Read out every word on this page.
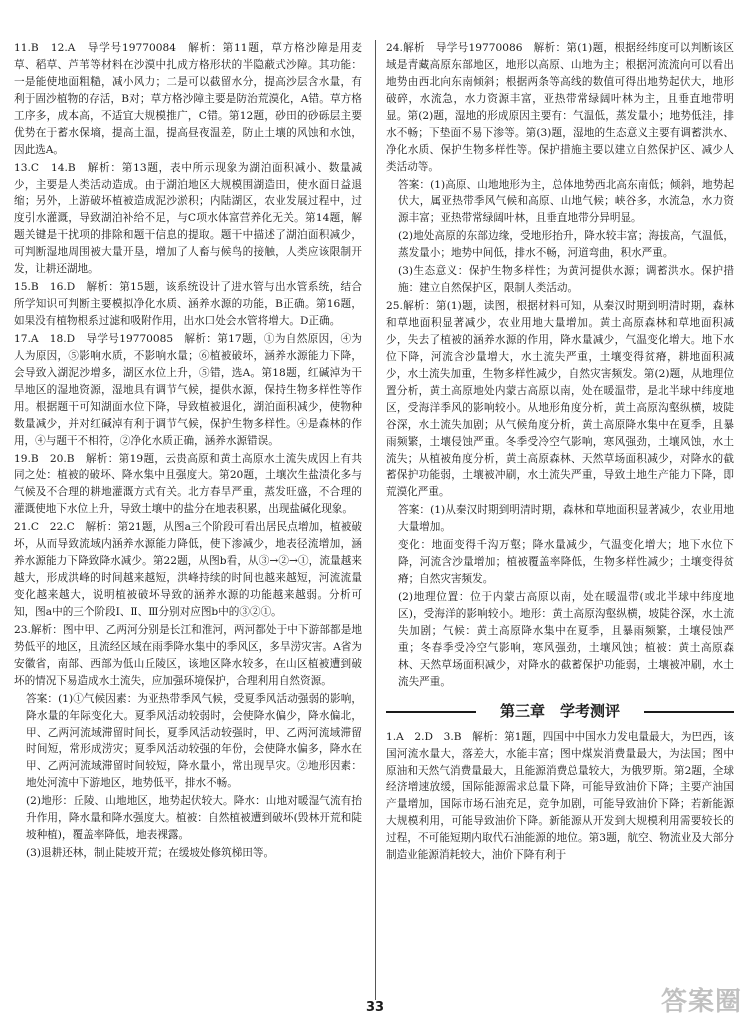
11.B　12.A　导学号19770084　解析：第11题，草方格沙障是用麦草、稻草、芦苇等材料在沙漠中扎成方格形状的半隐蔽式沙障。其功能：一是能使地面粗糙，减小风力；二是可以截留水分，提高沙层含水量，有利于固沙植物的存活，B对；草方格沙障主要是防治荒漠化，A错。草方格工序多，成本高，不适宜大规模推广，C错。第12题，砂田的砂砾层主要优势在于蓄水保墒，提高土温，提高昼夜温差，防止土壤的风蚀和水蚀，因此选A。

13.C　14.B　解析：第13题，表中所示现象为湖泊面积减小、数量减少，主要是人类活动造成。由于湖泊地区大规模围湖造田，使水面日益退缩；另外，上游破坏植被造成泥沙淤积；内陆湖区，农业发展过程中，过度引水灌溉，导致湖泊补给不足，与C项水体富营养化无关。第14题，解题关键是干扰项的排除和题干信息的提取。题干中描述了湖泊面积减少，可判断湿地周围被大量开垦，增加了人畜与候鸟的接触，人类应该限制开发，让耕还湖地。

15.B　16.D　解析：第15题，该系统设计了进水管与出水管系统，结合所学知识可判断主要模拟净化水质、涵养水源的功能，B正确。第16题，如果没有植物根系过滤和吸附作用，出水口处会水管将增大。D正确。

17.A　18.D　导学号19770085　解析：第17题，①为自然原因，④为人为原因，⑤影响水质，不影响水量；⑥植被破坏，涵养水源能力下降，会导致入湖泥沙增多，湖区水位上升，⑤错，选A。第18题，红碱淖为干旱地区的湿地资源，湿地具有调节气候，提供水源，保持生物多样性等作用。根据题干可知湖面水位下降，导致植被退化，湖泊面积减少，使物种数量减少，并对红碱淖有利于调节气候，保护生物多样性。④是森林的作用，④与题干不相符，②净化水质正确，涵养水源错误。

19.B　20.B　解析：第19题，云贵高原和黄土高原水土流失成因上有共同之处：植被的破坏、降水集中且强度大。第20题，土壤次生盐渍化多与气候及不合理的耕地灌溉方式有关。北方春旱严重，蒸发旺盛，不合理的灌溉使地下水位上升，导致土壤中的盐分在地表积累，出现盐碱化现象。

21.C　22.C　解析：第21题，从图a三个阶段可看出居民点增加，植被破坏，从而导致流域内涵养水源能力降低，使下渗减少，地表径流增加，涵养水源能力下降致降水减少。第22题，从图b看，从③→②→①，流量越来越大，形成洪峰的时间越来越短，洪峰持续的时间也越来越短，河流流量变化越来越大，说明植被破坏导致的涵养水源的功能越来越弱。分析可知，图a中的三个阶段Ⅰ、Ⅱ、Ⅲ分别对应图b中的③②①。

23.解析：图中甲、乙两河分别是长江和淮河，两河都处于中下游部都是地势低平的地区，且流经区域在雨季降水集中的季风区，多旱涝灾害。A省为安徽省，南部、西部为低山丘陵区，该地区降水较多，在山区植被遭到破坏的情况下易造成水土流失，应加强环境保护，合理利用自然资源。

答案：(1)①气候因素：为亚热带季风气候，受夏季风活动强弱的影响，降水量的年际变化大。夏季风活动较弱时，会使降水偏少，降水偏北，甲、乙两河流域滞留时间长，夏季风活动较强时，甲、乙两河流域滞留时间短，常形成涝灾；夏季风活动较强的年份，会使降水偏多，降水在甲、乙两河流域滞留时间较短，降水量小，常出现旱灾。②地形因素：地处河流中下游地区，地势低平，排水不畅。

(2)地形：丘陵、山地地区，地势起伏较大。降水：山地对暖湿气流有抬升作用，降水量和降水强度大。植被：自然植被遭到破坏(毁林开荒和陡坡种植)，覆盖率降低，地表裸露。

(3)退耕还林，制止陡坡开荒；在缓坡处修筑梯田等。

24.解析　导学号19770086　解析：第(1)题，根据经纬度可以判断该区域是青藏高原东部地区，地形以高原、山地为主；根据河流流向可以看出地势由西北向东南倾斜；根据两条等高线的数值可得出地势起伏大，地形破碎，水流急，水力资源丰富，亚热带常绿阔叶林为主，且垂直地带明显。第(2)题，湿地的形成原因主要有：气温低，蒸发量小；地势低洼，排水不畅；下垫面不易下渗等。第(3)题，湿地的生态意义主要有调蓄洪水、净化水质、保护生物多样性等。保护措施主要以建立自然保护区、减少人类活动等。

答案：(1)高原、山地地形为主，总体地势西北高东南低；倾斜，地势起伏大，属亚热带季风气候和高原、山地气候；峡谷多，水流急，水力资源丰富；亚热带常绿阔叶林，且垂直地带分异明显。

(2)地处高原的东部边缘，受地形抬升，降水较丰富；海拔高，气温低，蒸发量小；地势中间低，排水不畅，河道弯曲，积水严重。

(3)生态意义：保护生物多样性；为黄河提供水源；调蓄洪水。保护措施：建立自然保护区，限制人类活动。

25.解析：第(1)题，读图，根据材料可知，从秦汉时期到明清时期，森林和草地面积显著减少，农业用地大量增加。黄土高原森林和草地面积减少，失去了植被的涵养水源的作用，降水量减少，气温变化增大。地下水位下降，河流含沙量增大，水土流失严重，土壤变得贫瘠，耕地面积减少，水土流失加重，生物多样性减少，自然灾害频发。第(2)题，从地理位置分析，黄土高原地处内蒙古高原以南，处在暖温带，是北半球中纬度地区，受海洋季风的影响较小。从地形角度分析，黄土高原沟壑纵横，坡陡谷深，水土流失加剧；从气候角度分析，黄土高原降水集中在夏季，且暴雨频繁，土壤侵蚀严重。冬季受冷空气影响，寒风强劲，土壤风蚀，水土流失；从植被角度分析，黄土高原森林、天然草场面积减少，对降水的截蓄保护功能弱，土壤被冲刷，水土流失严重，导致土地生产能力下降，即荒漠化严重。

答案：(1)从秦汉时期到明清时期，森林和草地面积显著减少，农业用地大量增加。

变化：地面变得千沟万壑；降水量减少，气温变化增大；地下水位下降，河流含沙量增加；植被覆盖率降低，生物多样性减少；土壤变得贫瘠；自然灾害频发。

(2)地理位置：位于内蒙古高原以南，处在暖温带(或北半球中纬度地区)，受海洋的影响较小。地形：黄土高原沟壑纵横，坡陡谷深，水土流失加剧；气候：黄土高原降水集中在夏季，且暴雨频繁，土壤侵蚀严重；冬春季受冷空气影响，寒风强劲，土壤风蚀；植被：黄土高原森林、天然草场面积减少，对降水的截蓄保护功能弱，土壤被冲刷，水土流失严重。

第三章　学考测评

1.A　2.D　3.B　解析：第1题，四国中中国水力发电量最大，为巴西，该国河流水量大，落差大，水能丰富；图中煤炭消费量最大，为法国；图中原油和天然气消费量最大，且能源消费总量较大，为俄罗斯。第2题，全球经济增速放缓，国际能源需求总量下降，可能导致油价下降；主要产油国产量增加，国际市场石油充足，竞争加剧，可能导致油价下降；若新能源大规模利用，可能导致油价下降。新能源从开发到大规模利用需要较长的过程，不可能短期内取代石油能源的地位。第3题，航空、物流业及大部分制造业能源消耗较大，油价下降有利于

33	答案圈
